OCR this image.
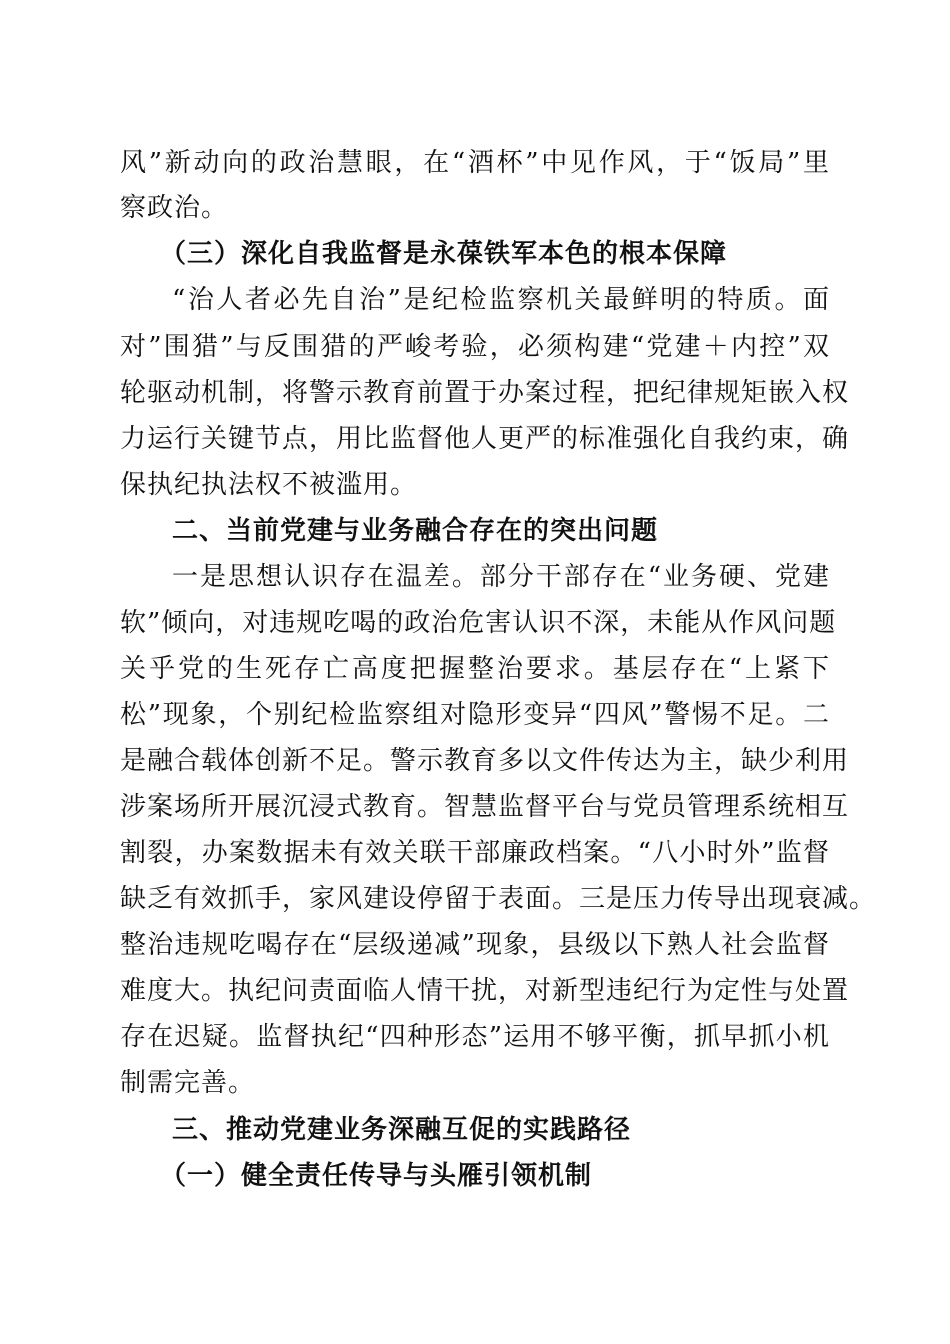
风”新动向的政治慧眼，在“酒杯”中见作风，于“饭局”里
察政治。
（三）深化自我监督是永葆铁军本色的根本保障
“治人者必先自治”是纪检监察机关最鲜明的特质。面
对”围猎”与反围猎的严峻考验，必须构建“党建＋内控”双
轮驱动机制，将警示教育前置于办案过程，把纪律规矩嵌入权
力运行关键节点，用比监督他人更严的标准强化自我约束，确
保执纪执法权不被滥用。
二、当前党建与业务融合存在的突出问题
一是思想认识存在温差。部分干部存在“业务硬、党建
软”倾向，对违规吃喝的政治危害认识不深，未能从作风问题
关乎党的生死存亡高度把握整治要求。基层存在“上紧下
松”现象，个别纪检监察组对隐形变异“四风”警惕不足。二
是融合载体创新不足。警示教育多以文件传达为主，缺少利用
涉案场所开展沉浸式教育。智慧监督平台与党员管理系统相互
割裂，办案数据未有效关联干部廉政档案。“八小时外”监督
缺乏有效抓手，家风建设停留于表面。三是压力传导出现衰减。
整治违规吃喝存在“层级递减”现象，县级以下熟人社会监督
难度大。执纪问责面临人情干扰，对新型违纪行为定性与处置
存在迟疑。监督执纪“四种形态”运用不够平衡，抓早抓小机
制需完善。
三、推动党建业务深融互促的实践路径
（一）健全责任传导与头雁引领机制
